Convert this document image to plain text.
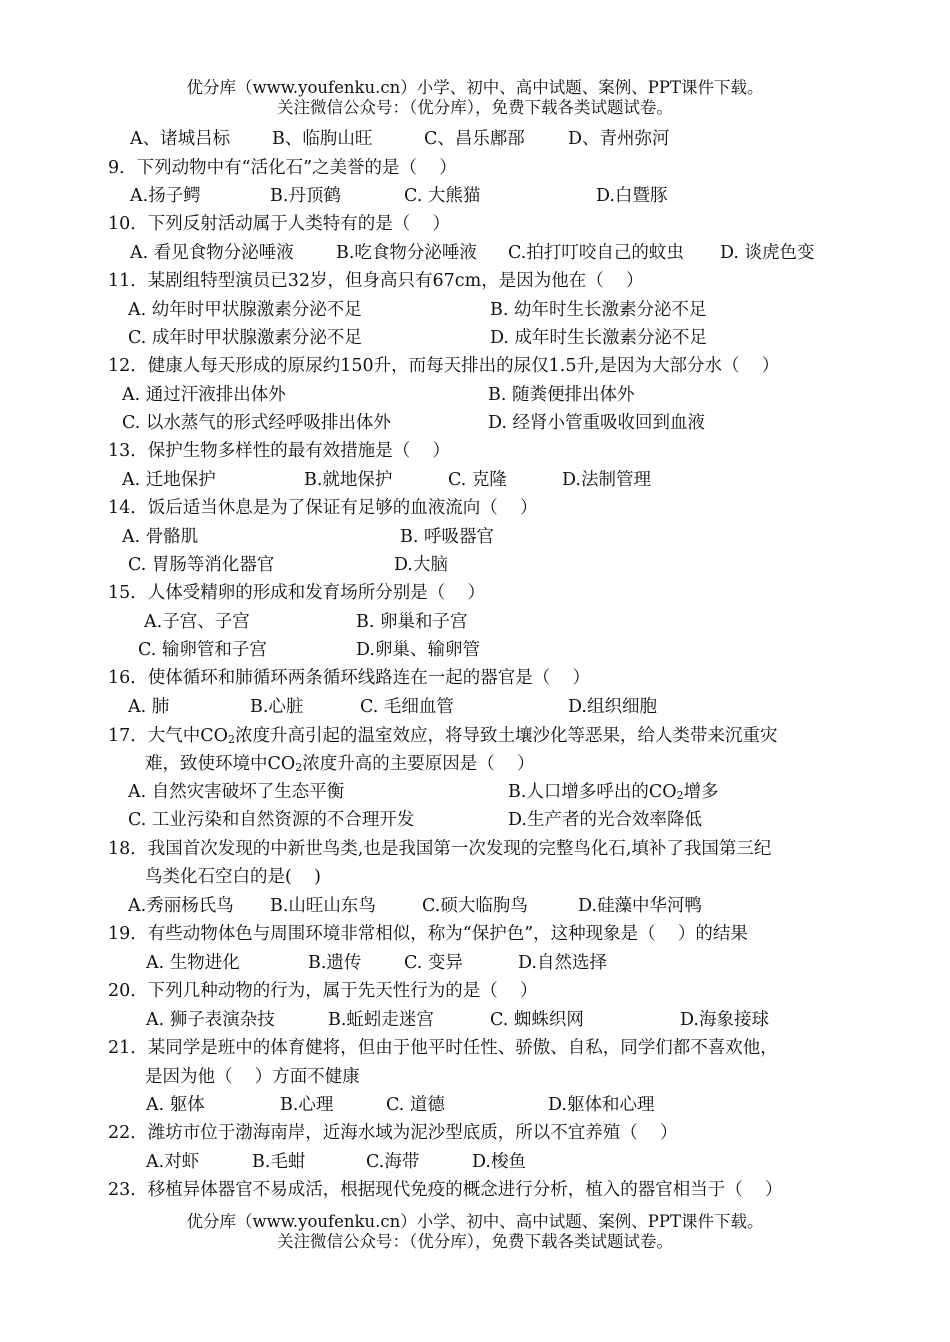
优分库（www.youfenku.cn）小学、初中、高中试题、案例、PPT课件下载。
关注微信公众号：（优分库），免费下载各类试题试卷。
A、诸城吕标 B、临朐山旺	C、昌乐鄌郚 D、青州弥河
9．下列动物中有“活化石”之美誉的是（    ）
A.扬子鳄	B.丹顶鹤	C. 大熊猫	D.白暨豚
10．下列反射活动属于人类特有的是（    ）
A. 看见食物分泌唾液 B.吃食物分泌唾液 C.拍打叮咬自己的蚊虫 D. 谈虎色变
11．某剧组特型演员已32岁，但身高只有67cm，是因为他在（    ）
A. 幼年时甲状腺激素分泌不足	B. 幼年时生长激素分泌不足
C. 成年时甲状腺激素分泌不足	D. 成年时生长激素分泌不足
12．健康人每天形成的原尿约150升，而每天排出的尿仅1.5升,是因为大部分水（    ）
A. 通过汗液排出体外	B. 随粪便排出体外
C. 以水蒸气的形式经呼吸排出体外	D. 经肾小管重吸收回到血液
13．保护生物多样性的最有效措施是（    ）
A. 迁地保护	B.就地保护	C. 克隆	D.法制管理
14．饭后适当休息是为了保证有足够的血液流向（    ）
A. 骨骼肌	B. 呼吸器官
C. 胃肠等消化器官	D.大脑
15．人体受精卵的形成和发育场所分别是（    ）
A.子宫、子宫	B. 卵巢和子宫
C. 输卵管和子宫	D.卵巢、输卵管
16．使体循环和肺循环两条循环线路连在一起的器官是（    ）
A. 肺	B.心脏	C. 毛细血管	D.组织细胞
17．大气中$CO_2$浓度升高引起的温室效应，将导致土壤沙化等恶果，给人类带来沉重灾
难，致使环境中$CO_2$浓度升高的主要原因是（    ）
A. 自然灾害破坏了生态平衡	B.人口增多呼出的$CO_2$增多
C. 工业污染和自然资源的不合理开发	D.生产者的光合效率降低
18．我国首次发现的中新世鸟类,也是我国第一次发现的完整鸟化石,填补了我国第三纪
鸟类化石空白的是(    )
A.秀丽杨氏鸟 B.山旺山东鸟	C.硕大临朐鸟	D.硅藻中华河鸭
19．有些动物体色与周围环境非常相似，称为“保护色”，这种现象是（    ）的结果
A. 生物进化	B.遗传 C. 变异	D.自然选择
20．下列几种动物的行为，属于先天性行为的是（    ）
A. 狮子表演杂技	B.蚯蚓走迷宫	C. 蜘蛛织网	D.海象接球
21．某同学是班中的体育健将，但由于他平时任性、骄傲、自私，同学们都不喜欢他，
是因为他（    ）方面不健康
A. 躯体	B.心理	C. 道德	D.躯体和心理
22．潍坊市位于渤海南岸，近海水域为泥沙型底质，所以不宜养殖（    ）
A.对虾	B.毛蚶	C.海带	D.梭鱼
23．移植异体器官不易成活，根据现代免疫的概念进行分析，植入的器官相当于（    ）
优分库（www.youfenku.cn）小学、初中、高中试题、案例、PPT课件下载。
关注微信公众号：（优分库），免费下载各类试题试卷。
